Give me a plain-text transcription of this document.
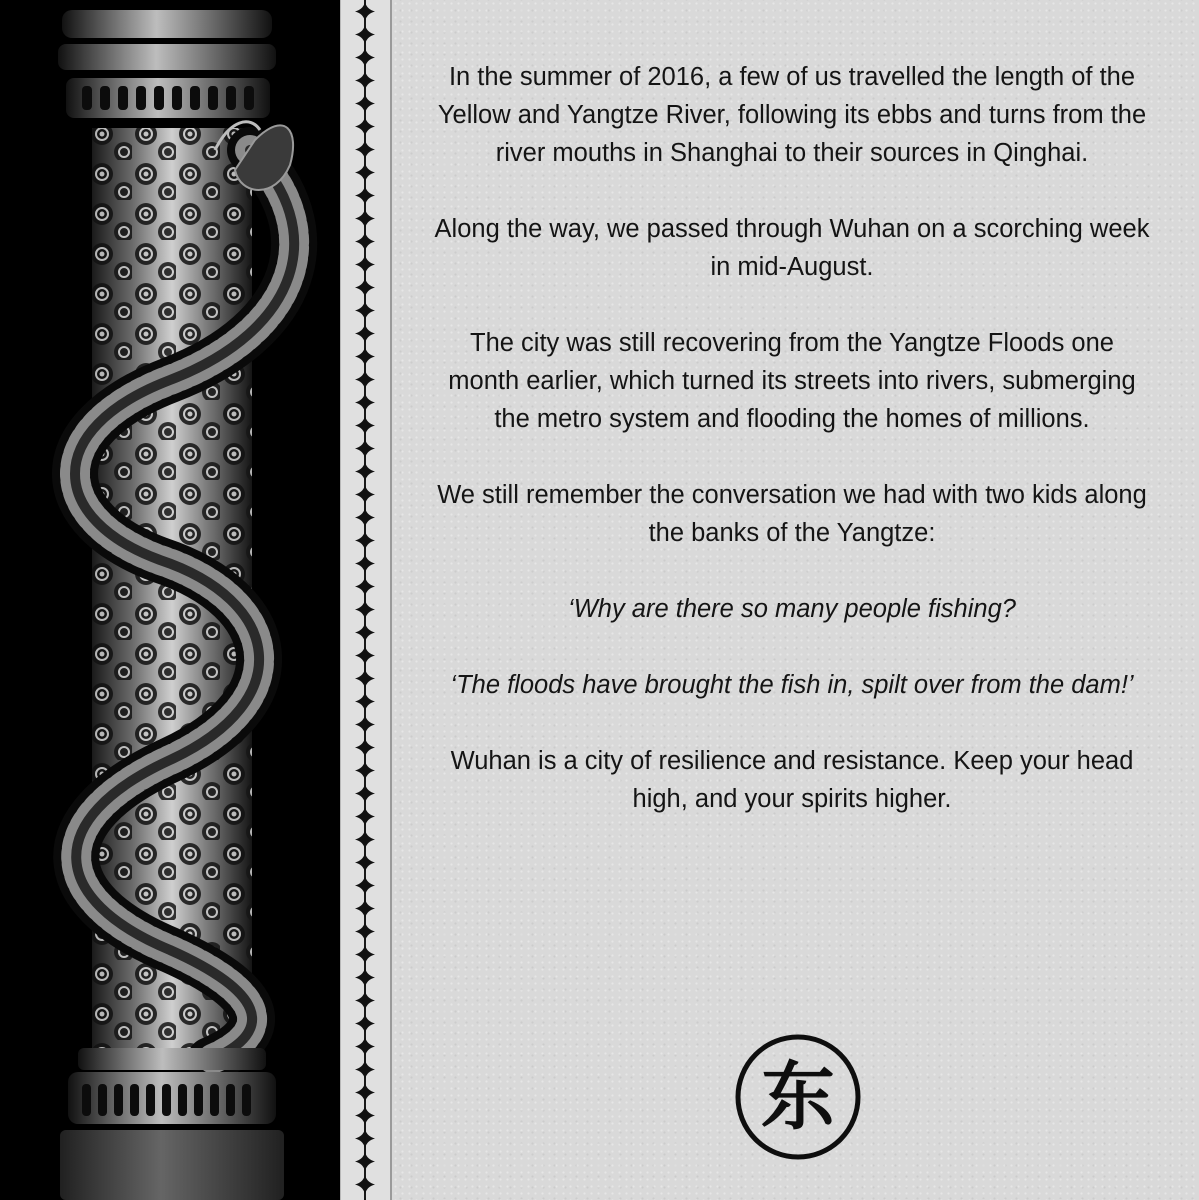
In the summer of 2016, a few of us travelled the length of the Yellow and Yangtze River, following its ebbs and turns from the river mouths in Shanghai to their sources in Qinghai.

Along the way, we passed through Wuhan on a scorching week in mid-August.

The city was still recovering from the Yangtze Floods one month earlier, which turned its streets into rivers, submerging the metro system and flooding the homes of millions.

We still remember the conversation we had with two kids along the banks of the Yangtze:

‘Why are there so many people fishing?

‘The floods have brought the fish in, spilt over from the dam!’

Wuhan is a city of resilience and resistance. Keep your head high, and your spirits higher.

东
